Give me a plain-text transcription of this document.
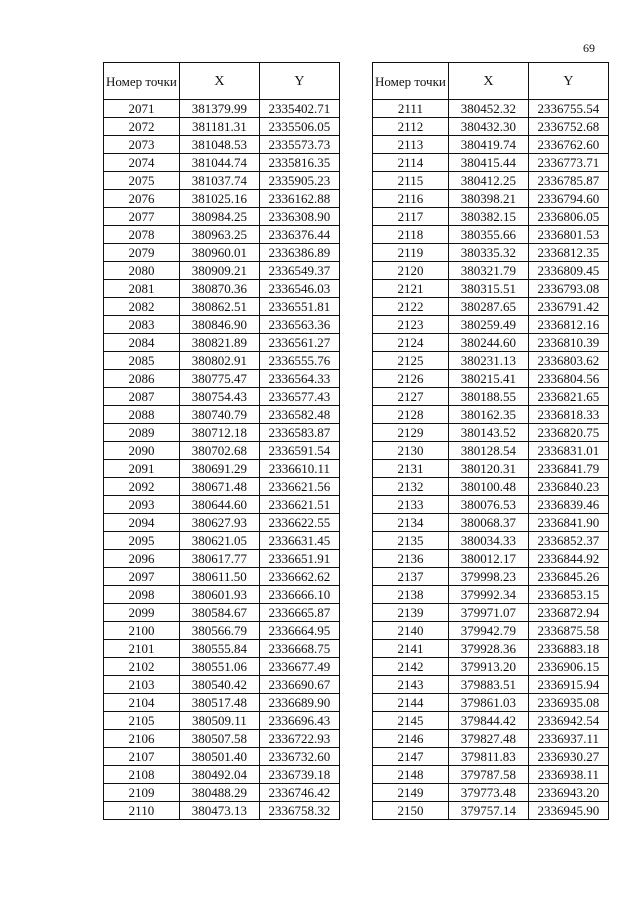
69
Номер точки	X	Y
2071	381379.99	2335402.71
2072	381181.31	2335506.05
2073	381048.53	2335573.73
2074	381044.74	2335816.35
2075	381037.74	2335905.23
2076	381025.16	2336162.88
2077	380984.25	2336308.90
2078	380963.25	2336376.44
2079	380960.01	2336386.89
2080	380909.21	2336549.37
2081	380870.36	2336546.03
2082	380862.51	2336551.81
2083	380846.90	2336563.36
2084	380821.89	2336561.27
2085	380802.91	2336555.76
2086	380775.47	2336564.33
2087	380754.43	2336577.43
2088	380740.79	2336582.48
2089	380712.18	2336583.87
2090	380702.68	2336591.54
2091	380691.29	2336610.11
2092	380671.48	2336621.56
2093	380644.60	2336621.51
2094	380627.93	2336622.55
2095	380621.05	2336631.45
2096	380617.77	2336651.91
2097	380611.50	2336662.62
2098	380601.93	2336666.10
2099	380584.67	2336665.87
2100	380566.79	2336664.95
2101	380555.84	2336668.75
2102	380551.06	2336677.49
2103	380540.42	2336690.67
2104	380517.48	2336689.90
2105	380509.11	2336696.43
2106	380507.58	2336722.93
2107	380501.40	2336732.60
2108	380492.04	2336739.18
2109	380488.29	2336746.42
2110	380473.13	2336758.32
Номер точки	X	Y
2111	380452.32	2336755.54
2112	380432.30	2336752.68
2113	380419.74	2336762.60
2114	380415.44	2336773.71
2115	380412.25	2336785.87
2116	380398.21	2336794.60
2117	380382.15	2336806.05
2118	380355.66	2336801.53
2119	380335.32	2336812.35
2120	380321.79	2336809.45
2121	380315.51	2336793.08
2122	380287.65	2336791.42
2123	380259.49	2336812.16
2124	380244.60	2336810.39
2125	380231.13	2336803.62
2126	380215.41	2336804.56
2127	380188.55	2336821.65
2128	380162.35	2336818.33
2129	380143.52	2336820.75
2130	380128.54	2336831.01
2131	380120.31	2336841.79
2132	380100.48	2336840.23
2133	380076.53	2336839.46
2134	380068.37	2336841.90
2135	380034.33	2336852.37
2136	380012.17	2336844.92
2137	379998.23	2336845.26
2138	379992.34	2336853.15
2139	379971.07	2336872.94
2140	379942.79	2336875.58
2141	379928.36	2336883.18
2142	379913.20	2336906.15
2143	379883.51	2336915.94
2144	379861.03	2336935.08
2145	379844.42	2336942.54
2146	379827.48	2336937.11
2147	379811.83	2336930.27
2148	379787.58	2336938.11
2149	379773.48	2336943.20
2150	379757.14	2336945.90
